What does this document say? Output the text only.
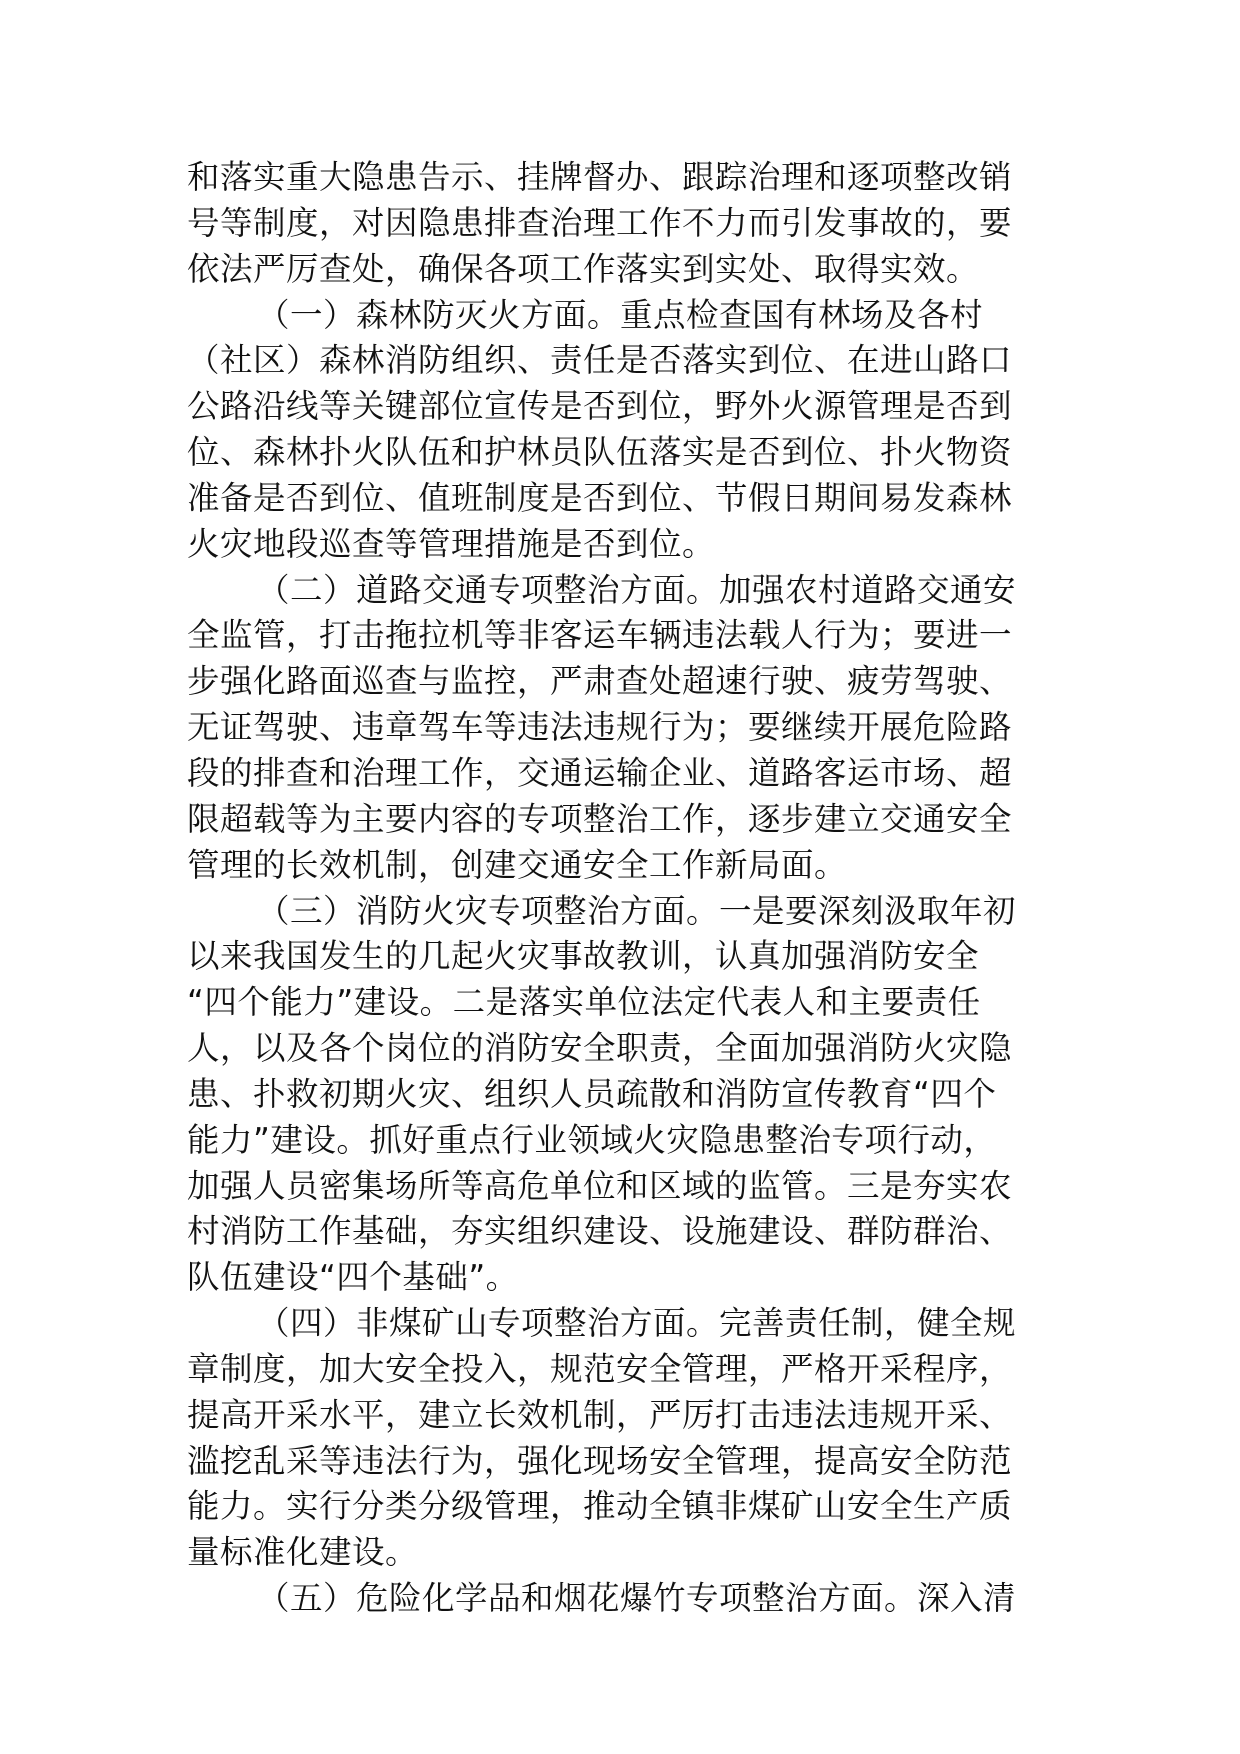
和落实重大隐患告示、挂牌督办、跟踪治理和逐项整改销
号等制度，对因隐患排查治理工作不力而引发事故的，要
依法严厉查处，确保各项工作落实到实处、取得实效。
（一）森林防灭火方面。重点检查国有林场及各村
（社区）森林消防组织、责任是否落实到位、在进山路口
公路沿线等关键部位宣传是否到位，野外火源管理是否到
位、森林扑火队伍和护林员队伍落实是否到位、扑火物资
准备是否到位、值班制度是否到位、节假日期间易发森林
火灾地段巡查等管理措施是否到位。
（二）道路交通专项整治方面。加强农村道路交通安
全监管，打击拖拉机等非客运车辆违法载人行为；要进一
步强化路面巡查与监控，严肃查处超速行驶、疲劳驾驶、
无证驾驶、违章驾车等违法违规行为；要继续开展危险路
段的排查和治理工作，交通运输企业、道路客运市场、超
限超载等为主要内容的专项整治工作，逐步建立交通安全
管理的长效机制，创建交通安全工作新局面。
（三）消防火灾专项整治方面。一是要深刻汲取年初
以来我国发生的几起火灾事故教训，认真加强消防安全
“四个能力”建设。二是落实单位法定代表人和主要责任
人，以及各个岗位的消防安全职责，全面加强消防火灾隐
患、扑救初期火灾、组织人员疏散和消防宣传教育“四个
能力”建设。抓好重点行业领域火灾隐患整治专项行动，
加强人员密集场所等高危单位和区域的监管。三是夯实农
村消防工作基础，夯实组织建设、设施建设、群防群治、
队伍建设“四个基础”。
（四）非煤矿山专项整治方面。完善责任制，健全规
章制度，加大安全投入，规范安全管理，严格开采程序，
提高开采水平，建立长效机制，严厉打击违法违规开采、
滥挖乱采等违法行为，强化现场安全管理，提高安全防范
能力。实行分类分级管理，推动全镇非煤矿山安全生产质
量标准化建设。
（五）危险化学品和烟花爆竹专项整治方面。深入清
